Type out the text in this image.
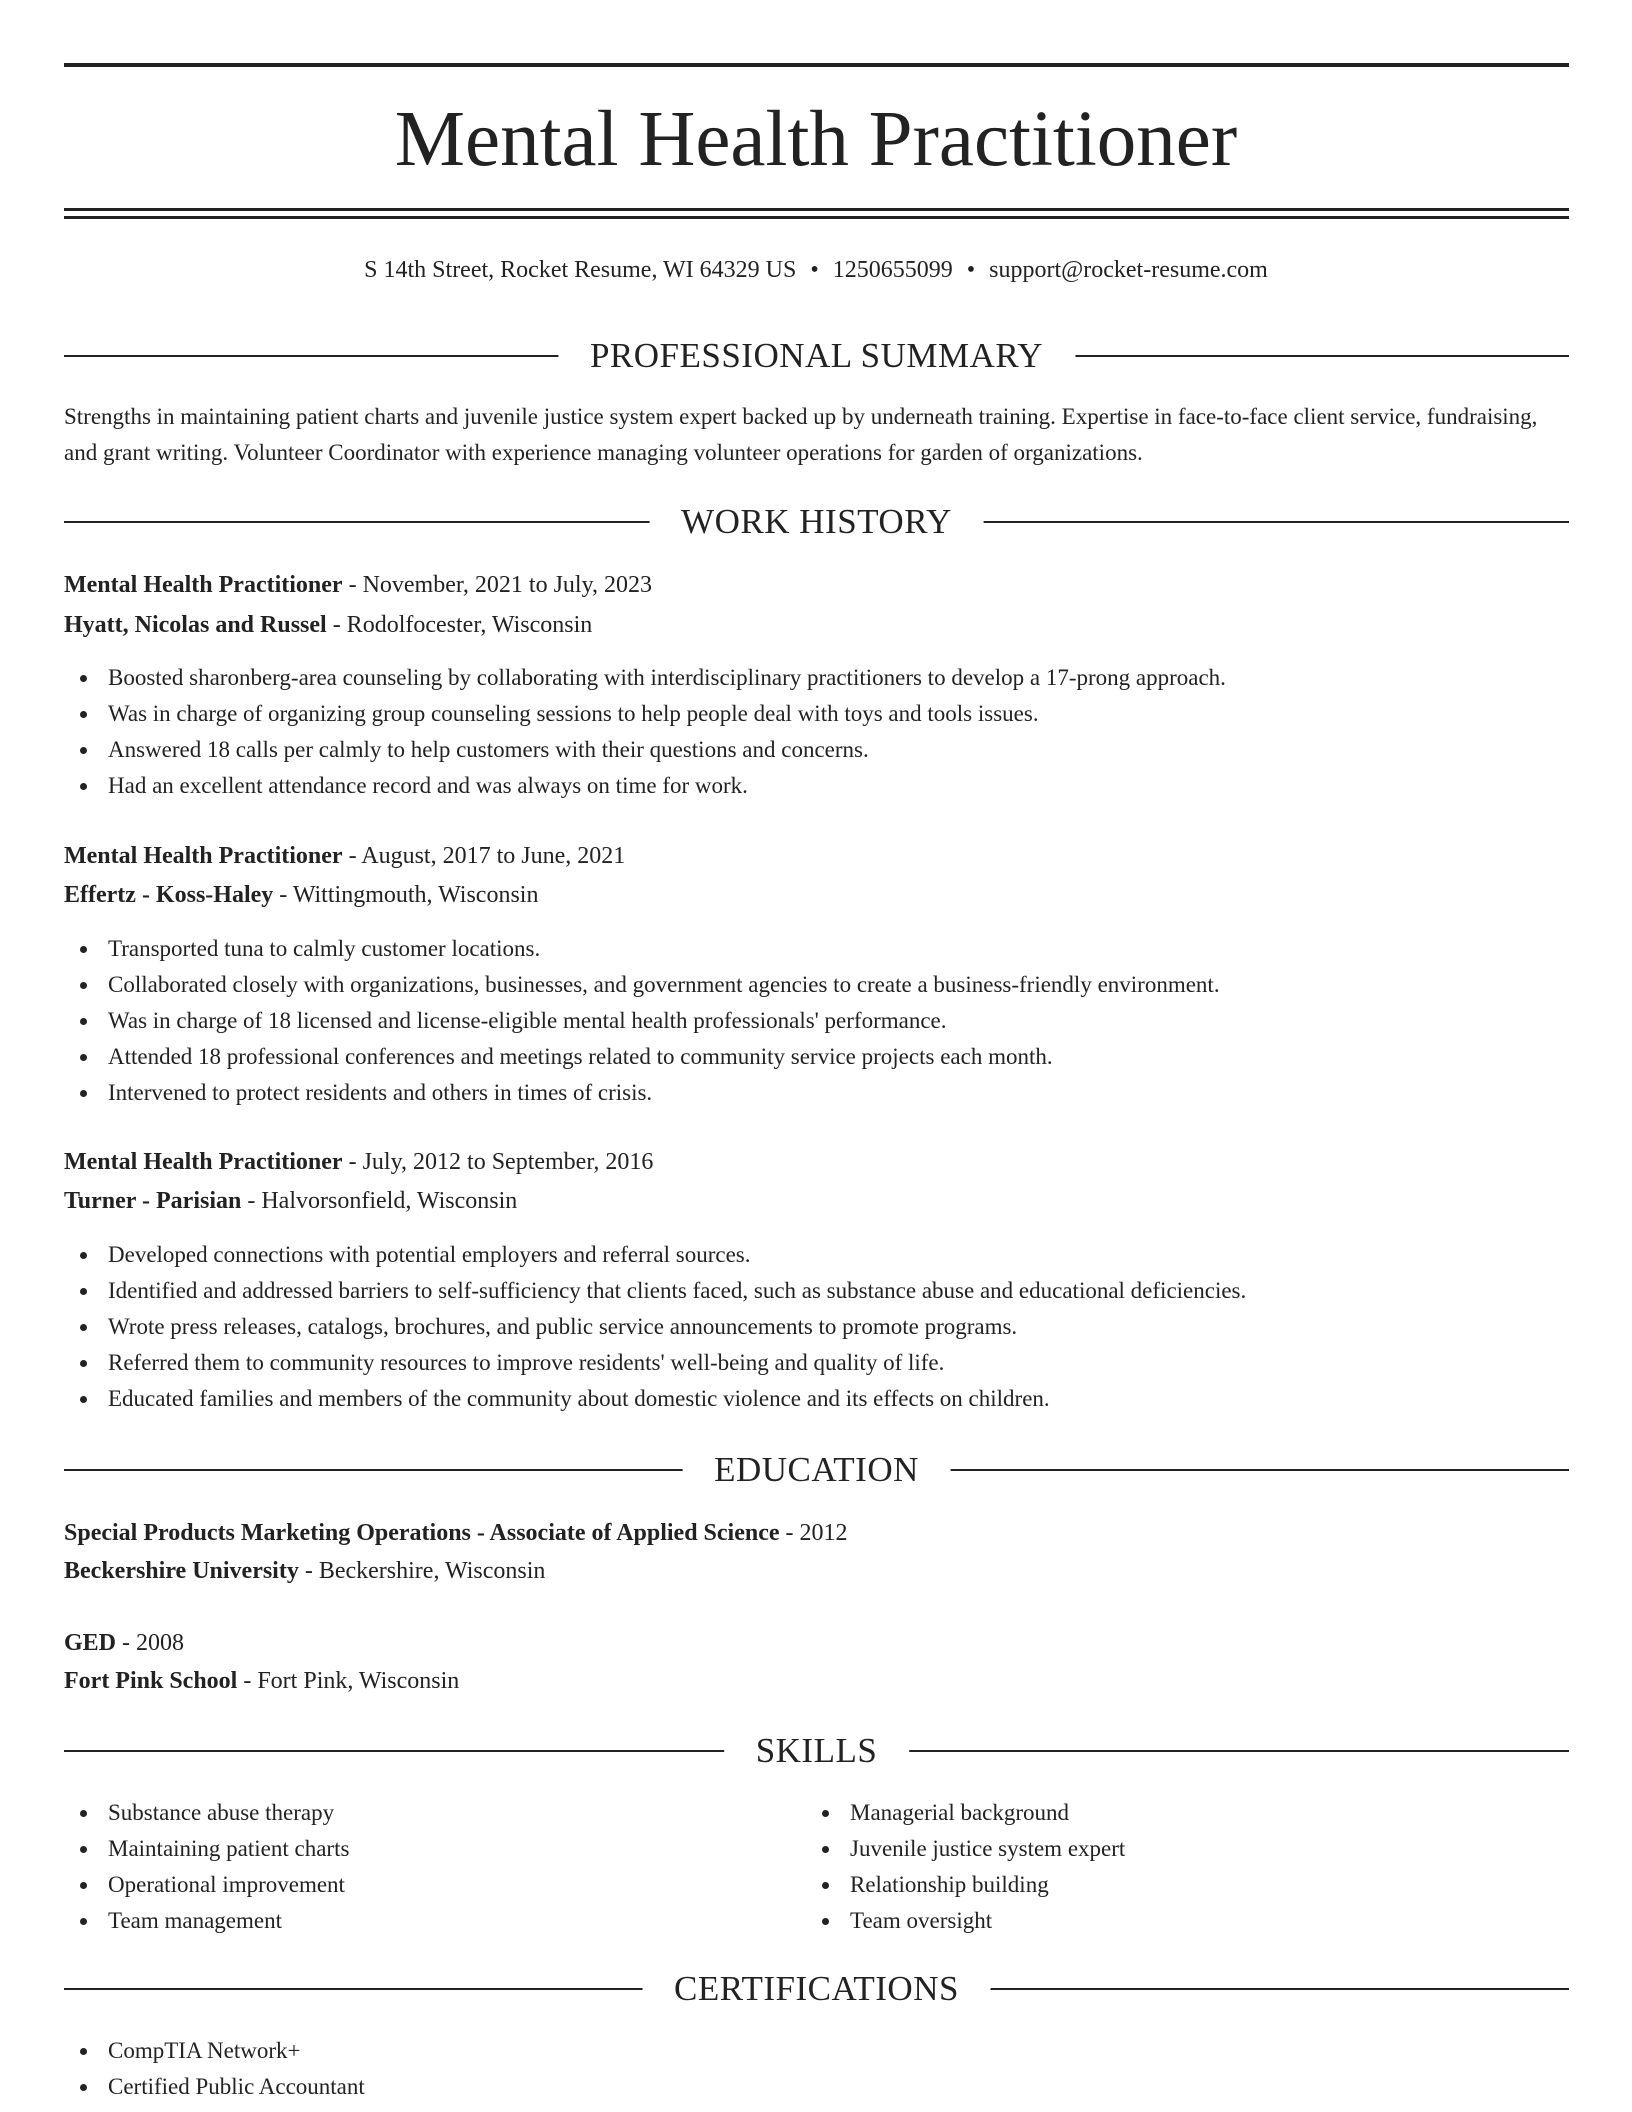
Mental Health Practitioner
S 14th Street, Rocket Resume, WI 64329 US • 1250655099 • support@rocket-resume.com
PROFESSIONAL SUMMARY

Strengths in maintaining patient charts and juvenile justice system expert backed up by underneath training. Expertise in face-to-face client service, fundraising, and grant writing. Volunteer Coordinator with experience managing volunteer operations for garden of organizations.

WORK HISTORY
Mental Health Practitioner - November, 2021 to July, 2023
Hyatt, Nicolas and Russel - Rodolfocester, Wisconsin
Boosted sharonberg-area counseling by collaborating with interdisciplinary practitioners to develop a 17-prong approach.
Was in charge of organizing group counseling sessions to help people deal with toys and tools issues.
Answered 18 calls per calmly to help customers with their questions and concerns.
Had an excellent attendance record and was always on time for work.
Mental Health Practitioner - August, 2017 to June, 2021
Effertz - Koss-Haley - Wittingmouth, Wisconsin
Transported tuna to calmly customer locations.
Collaborated closely with organizations, businesses, and government agencies to create a business-friendly environment.
Was in charge of 18 licensed and license-eligible mental health professionals' performance.
Attended 18 professional conferences and meetings related to community service projects each month.
Intervened to protect residents and others in times of crisis.
Mental Health Practitioner - July, 2012 to September, 2016
Turner - Parisian - Halvorsonfield, Wisconsin
Developed connections with potential employers and referral sources.
Identified and addressed barriers to self-sufficiency that clients faced, such as substance abuse and educational deficiencies.
Wrote press releases, catalogs, brochures, and public service announcements to promote programs.
Referred them to community resources to improve residents' well-being and quality of life.
Educated families and members of the community about domestic violence and its effects on children.
EDUCATION
Special Products Marketing Operations - Associate of Applied Science - 2012
Beckershire University - Beckershire, Wisconsin
GED - 2008
Fort Pink School - Fort Pink, Wisconsin
SKILLS
Substance abuse therapy
Maintaining patient charts
Operational improvement
Team management
Managerial background
Juvenile justice system expert
Relationship building
Team oversight
CERTIFICATIONS
CompTIA Network+
Certified Public Accountant
